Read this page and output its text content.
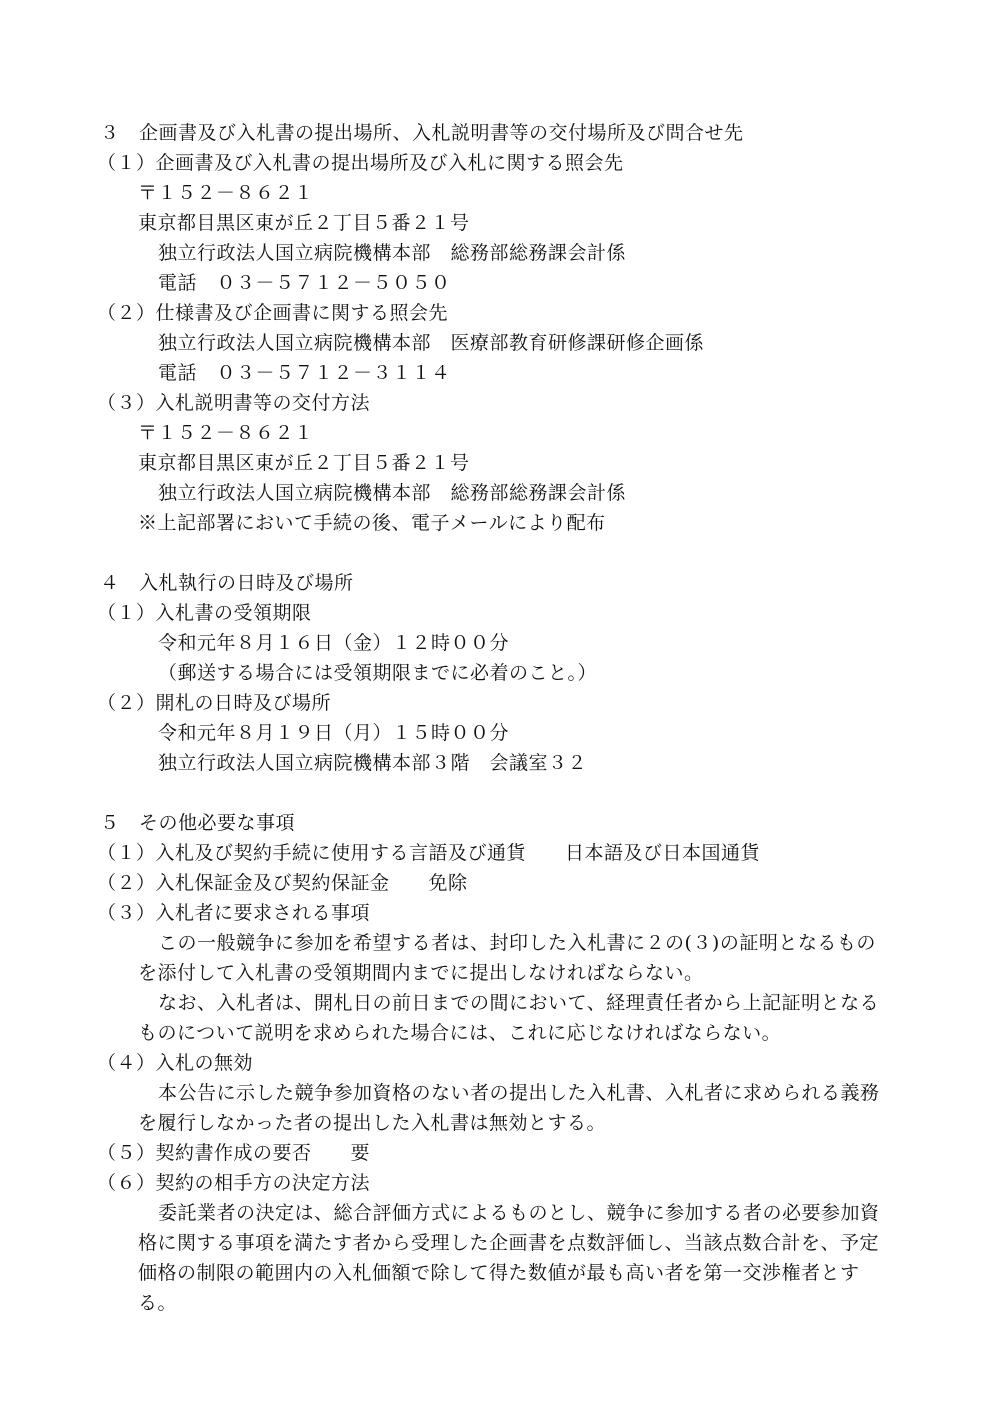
３　企画書及び入札書の提出場所、入札説明書等の交付場所及び問合せ先
（１）企画書及び入札書の提出場所及び入札に関する照会先
〒１５２－８６２１
東京都目黒区東が丘２丁目５番２１号
独立行政法人国立病院機構本部　総務部総務課会計係
電話　０３－５７１２－５０５０
（２）仕様書及び企画書に関する照会先
独立行政法人国立病院機構本部　医療部教育研修課研修企画係
電話　０３－５７１２－３１１４
（３）入札説明書等の交付方法
〒１５２－８６２１
東京都目黒区東が丘２丁目５番２１号
独立行政法人国立病院機構本部　総務部総務課会計係
※上記部署において手続の後、電子メールにより配布
４　入札執行の日時及び場所
（１）入札書の受領期限
令和元年８月１６日（金）１２時００分
（郵送する場合には受領期限までに必着のこと。）
（２）開札の日時及び場所
令和元年８月１９日（月）１５時００分
独立行政法人国立病院機構本部３階　会議室３２
５　その他必要な事項
（１）入札及び契約手続に使用する言語及び通貨　　日本語及び日本国通貨
（２）入札保証金及び契約保証金　　免除
（３）入札者に要求される事項
この一般競争に参加を希望する者は、封印した入札書に２の(３)の証明となるもの
を添付して入札書の受領期間内までに提出しなければならない。
なお、入札者は、開札日の前日までの間において、経理責任者から上記証明となる
ものについて説明を求められた場合には、これに応じなければならない。
（４）入札の無効
本公告に示した競争参加資格のない者の提出した入札書、入札者に求められる義務
を履行しなかった者の提出した入札書は無効とする。
（５）契約書作成の要否　　要
（６）契約の相手方の決定方法
委託業者の決定は、総合評価方式によるものとし、競争に参加する者の必要参加資
格に関する事項を満たす者から受理した企画書を点数評価し、当該点数合計を、予定
価格の制限の範囲内の入札価額で除して得た数値が最も高い者を第一交渉権者とす
る。
